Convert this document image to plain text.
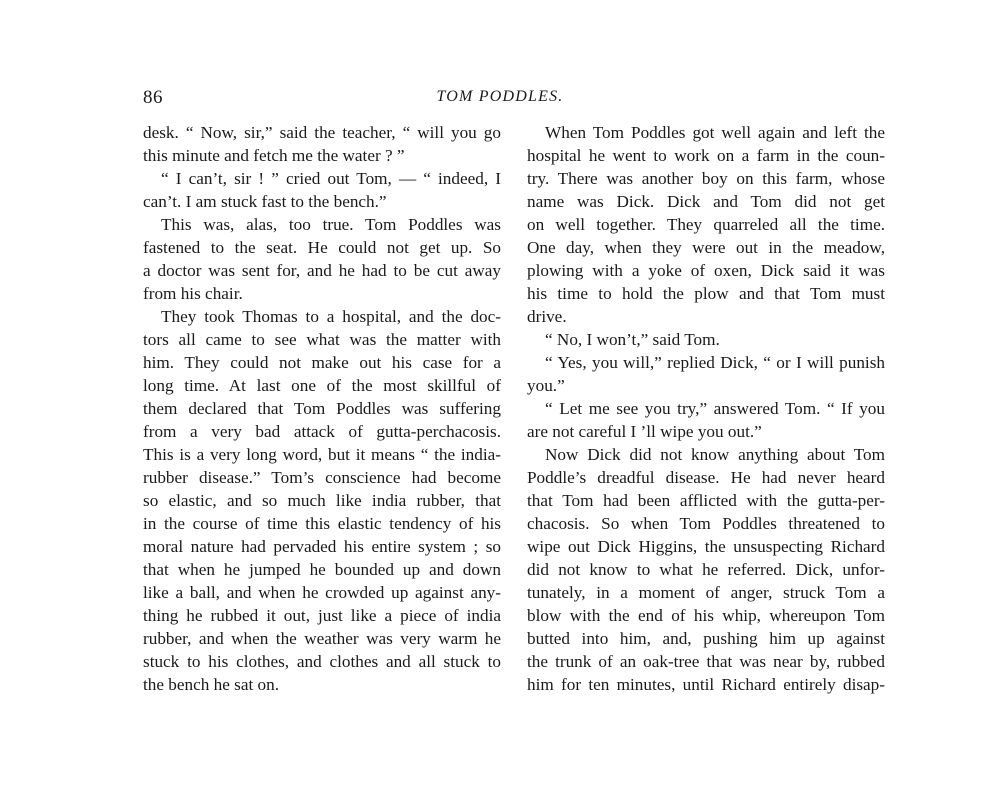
86	TOM PODDLES.
desk. “ Now, sir,” said the teacher, “ will you go
this minute and fetch me the water ? ”
“ I can’t, sir ! ” cried out Tom, — “ indeed, I
can’t. I am stuck fast to the bench.”
This was, alas, too true. Tom Poddles was
fastened to the seat. He could not get up. So
a doctor was sent for, and he had to be cut away
from his chair.
They took Thomas to a hospital, and the doc-
tors all came to see what was the matter with
him. They could not make out his case for a
long time. At last one of the most skillful of
them declared that Tom Poddles was suffering
from a very bad attack of gutta-perchacosis.
This is a very long word, but it means “ the india-
rubber disease.” Tom’s conscience had become
so elastic, and so much like india rubber, that
in the course of time this elastic tendency of his
moral nature had pervaded his entire system ; so
that when he jumped he bounded up and down
like a ball, and when he crowded up against any-
thing he rubbed it out, just like a piece of india
rubber, and when the weather was very warm he
stuck to his clothes, and clothes and all stuck to
the bench he sat on.
When Tom Poddles got well again and left the
hospital he went to work on a farm in the coun-
try. There was another boy on this farm, whose
name was Dick. Dick and Tom did not get
on well together. They quarreled all the time.
One day, when they were out in the meadow,
plowing with a yoke of oxen, Dick said it was
his time to hold the plow and that Tom must
drive.
“ No, I won’t,” said Tom.
“ Yes, you will,” replied Dick, “ or I will punish
you.”
“ Let me see you try,” answered Tom. “ If you
are not careful I ’ll wipe you out.”
Now Dick did not know anything about Tom
Poddle’s dreadful disease. He had never heard
that Tom had been afflicted with the gutta-per-
chacosis. So when Tom Poddles threatened to
wipe out Dick Higgins, the unsuspecting Richard
did not know to what he referred. Dick, unfor-
tunately, in a moment of anger, struck Tom a
blow with the end of his whip, whereupon Tom
butted into him, and, pushing him up against
the trunk of an oak-tree that was near by, rubbed
him for ten minutes, until Richard entirely disap-
